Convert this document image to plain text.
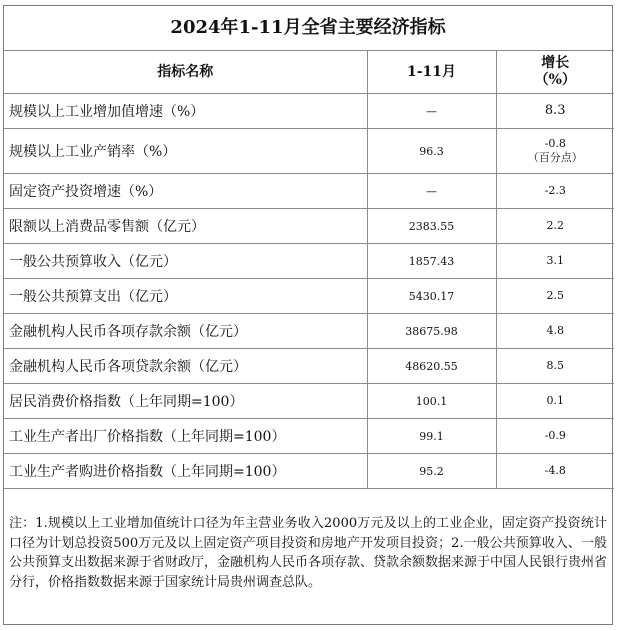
2024年1-11月全省主要经济指标
指标名称	1-11月	增长
（%）
规模以上工业增加值增速（%）	—	8.3
规模以上工业产销率（%）	96.3	-0.8
（百分点）
固定资产投资增速（%）	—	-2.3
限额以上消费品零售额（亿元）	2383.55	2.2
一般公共预算收入（亿元）	1857.43	3.1
一般公共预算支出（亿元）	5430.17	2.5
金融机构人民币各项存款余额（亿元）	38675.98	4.8
金融机构人民币各项贷款余额（亿元）	48620.55	8.5
居民消费价格指数（上年同期=100）	100.1	0.1
工业生产者出厂价格指数（上年同期=100）	99.1	-0.9
工业生产者购进价格指数（上年同期=100）	95.2	-4.8
注：1.规模以上工业增加值统计口径为年主营业务收入2000万元及以上的工业企业，固定资产投资统计口径为计划总投资500万元及以上固定资产项目投资和房地产开发项目投资；2.一般公共预算收入、一般公共预算支出数据来源于省财政厅，金融机构人民币各项存款、贷款余额数据来源于中国人民银行贵州省分行，价格指数数据来源于国家统计局贵州调查总队。
